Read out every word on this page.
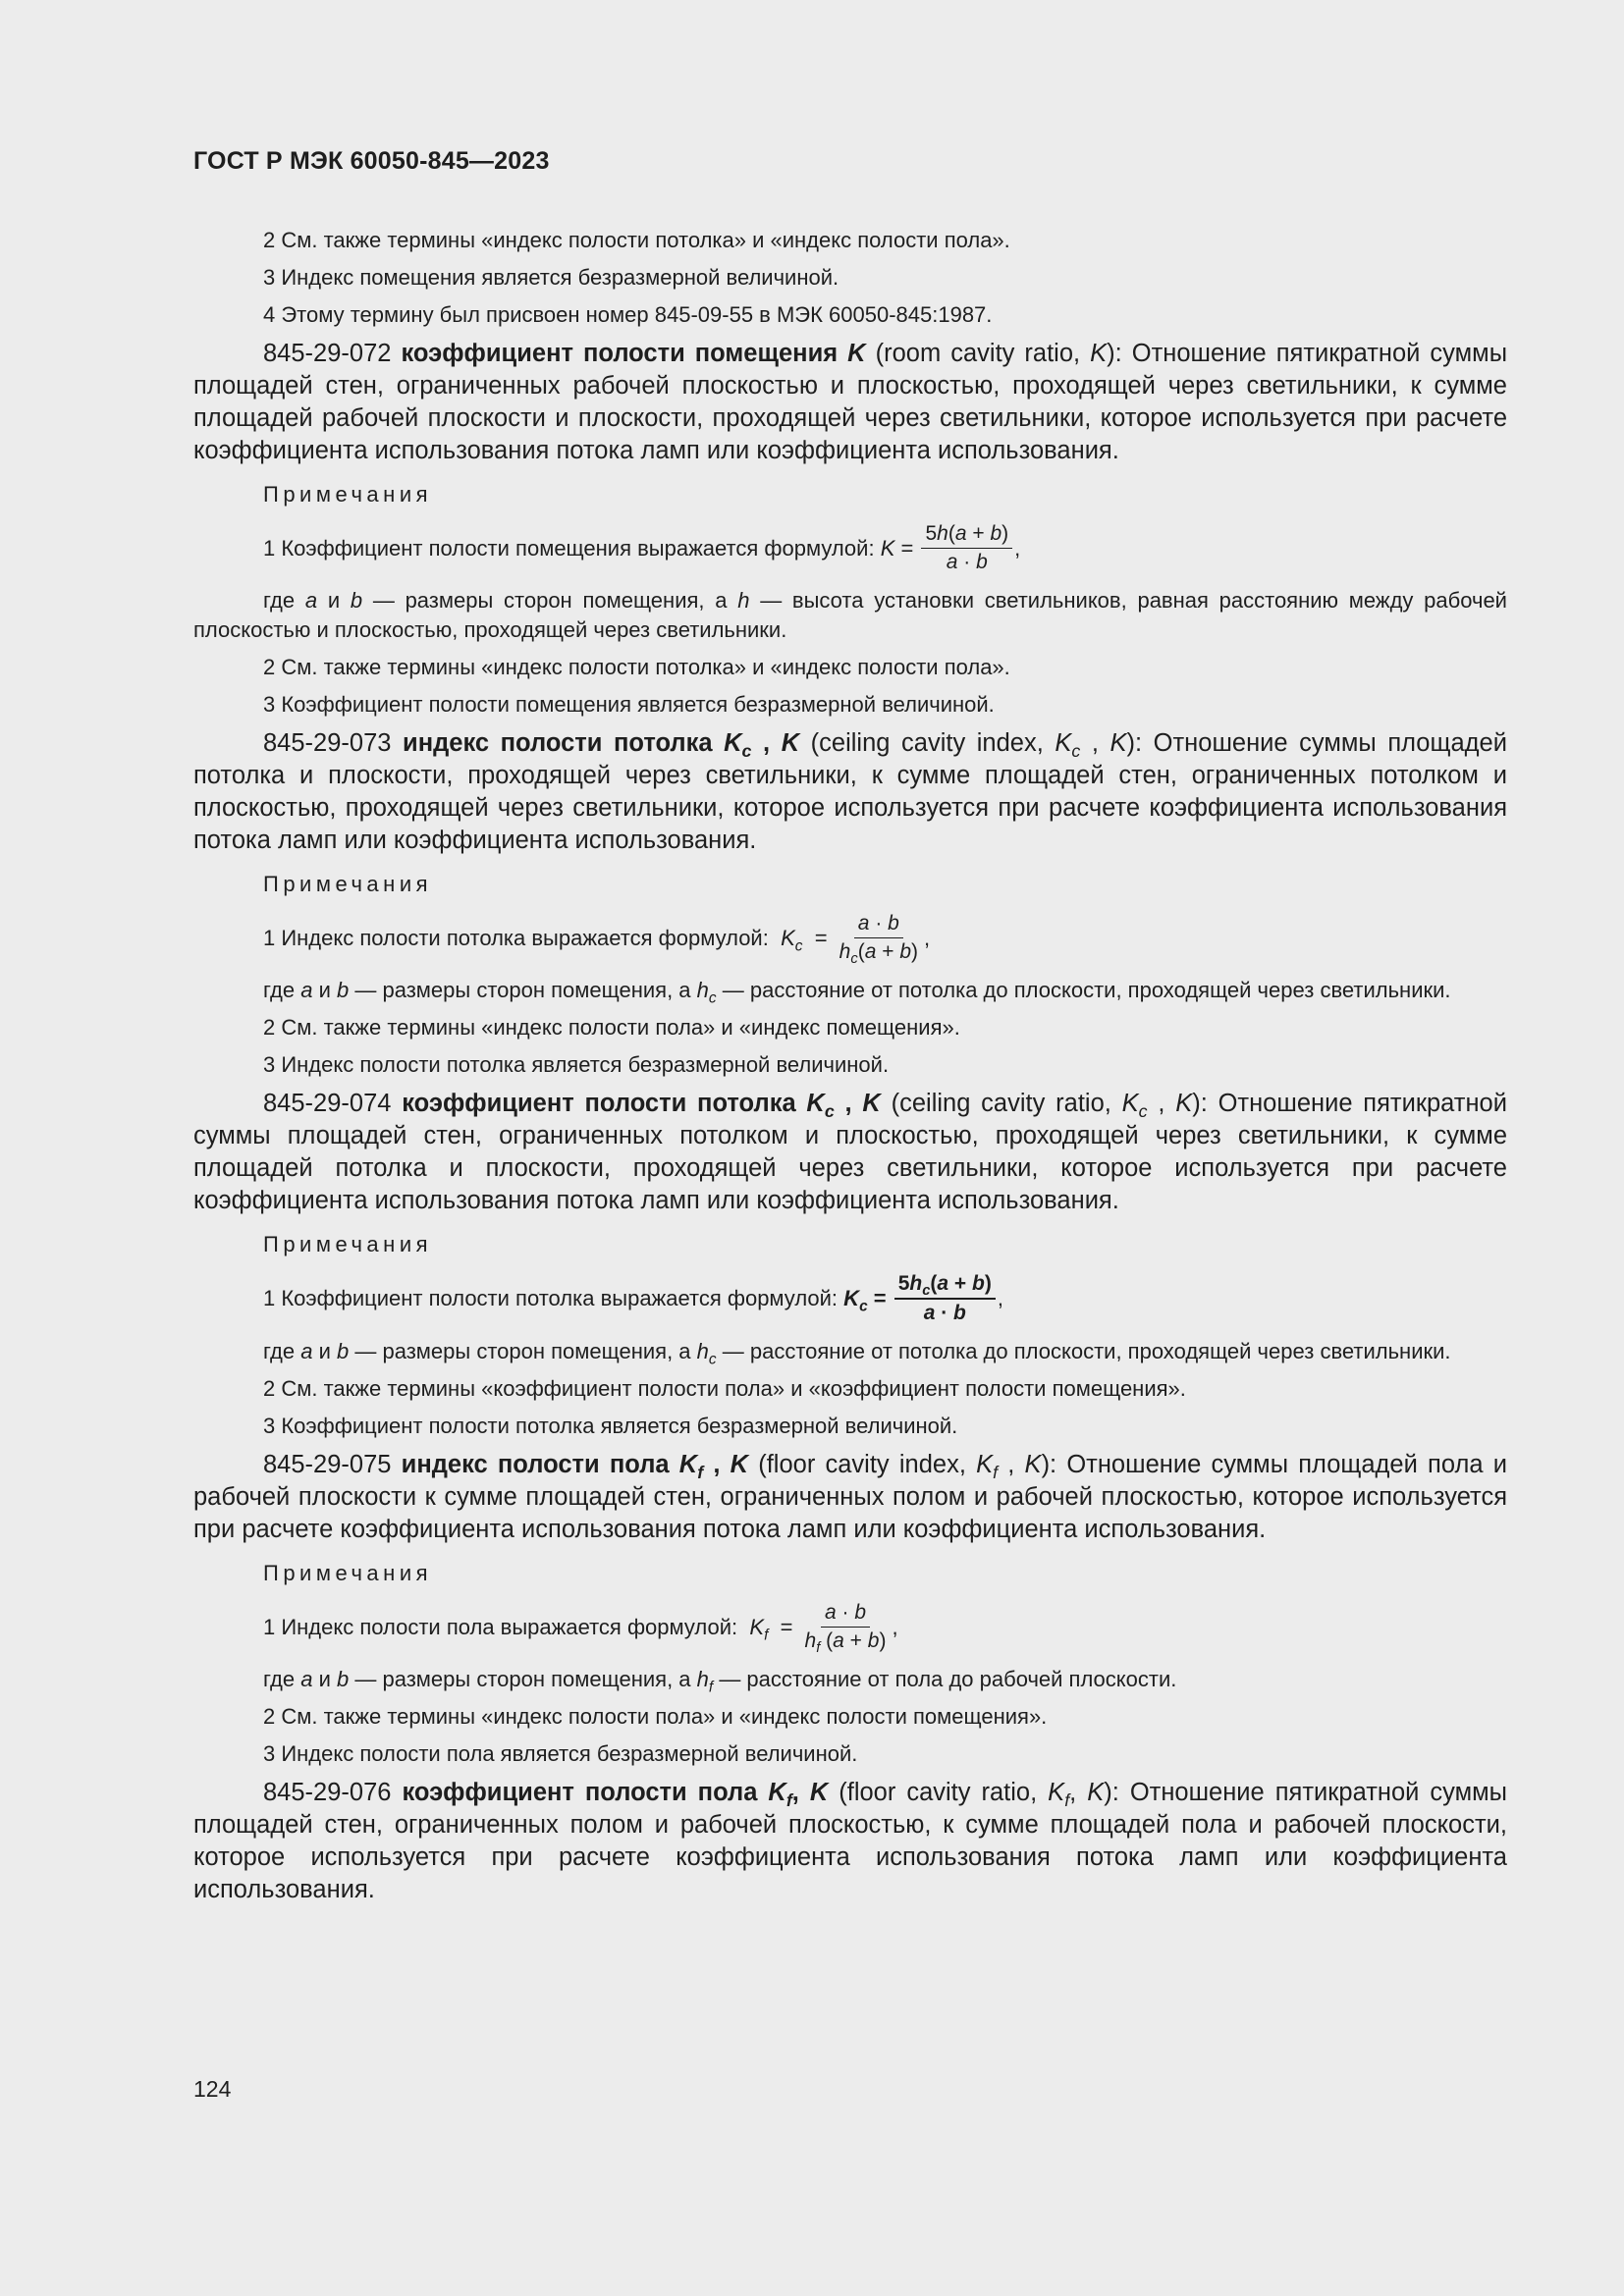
ГОСТ Р МЭК 60050-845—2023

2 См. также термины «индекс полости потолка» и «индекс полости пола».

3 Индекс помещения является безразмерной величиной.

4 Этому термину был присвоен номер 845-09-55 в МЭК 60050-845:1987.

845-29-072 коэффициент полости помещения K (room cavity ratio, K): Отношение пятикратной суммы площадей стен, ограниченных рабочей плоскостью и плоскостью, проходящей через светильники, к сумме площадей рабочей плоскости и плоскости, проходящей через светильники, которое используется при расчете коэффициента использования потока ламп или коэффициента использования.

Примечания
1 Коэффициент полости помещения выражается формулой:
$K = \frac{5h(a + b)}{a \cdot b}$ ,

где a и b — размеры сторон помещения, а h — высота установки светильников, равная расстоянию между рабочей плоскостью и плоскостью, проходящей через светильники.

2 См. также термины «индекс полости потолка» и «индекс полости пола».

3 Коэффициент полости помещения является безразмерной величиной.

845-29-073 индекс полости потолка $K_c$ , K (ceiling cavity index, $K_c$ , K): Отношение суммы площадей потолка и плоскости, проходящей через светильники, к сумме площадей стен, ограниченных потолком и плоскостью, проходящей через светильники, которое используется при расчете коэффициента использования потока ламп или коэффициента использования.

Примечания
1 Индекс полости потолка выражается формулой:
$K_c = \frac{a \cdot b}{h_c(a + b)}$ ,

где a и b — размеры сторон помещения, а $h_c$ — расстояние от потолка до плоскости, проходящей через светильники.

2 См. также термины «индекс полости пола» и «индекс помещения».

3 Индекс полости потолка является безразмерной величиной.

845-29-074 коэффициент полости потолка $K_c$ , K (ceiling cavity ratio, $K_c$ , K): Отношение пятикратной суммы площадей стен, ограниченных потолком и плоскостью, проходящей через светильники, к сумме площадей потолка и плоскости, проходящей через светильники, которое используется при расчете коэффициента использования потока ламп или коэффициента использования.

Примечания
1 Коэффициент полости потолка выражается формулой:
$K_c$ =
$\frac{5h_c(a + b)}{a \cdot b}$ ,

где a и b — размеры сторон помещения, а $h_c$ — расстояние от потолка до плоскости, проходящей через светильники.

2 См. также термины «коэффициент полости пола» и «коэффициент полости помещения».

3 Коэффициент полости потолка является безразмерной величиной.

845-29-075 индекс полости пола $K_f$ , K (floor cavity index, $K_f$ , K): Отношение суммы площадей пола и рабочей плоскости к сумме площадей стен, ограниченных полом и рабочей плоскостью, которое используется при расчете коэффициента использования потока ламп или коэффициента использования.

Примечания
1 Индекс полости пола выражается формулой:
$K_f = \frac{a \cdot b}{h_f (a + b)}$ ,

где a и b — размеры сторон помещения, а $h_f$ — расстояние от пола до рабочей плоскости.

2 См. также термины «индекс полости пола» и «индекс полости помещения».

3 Индекс полости пола является безразмерной величиной.

845-29-076 коэффициент полости пола $K_f$, K (floor cavity ratio, $K_f$, K): Отношение пятикратной суммы площадей стен, ограниченных полом и рабочей плоскостью, к сумме площадей пола и рабочей плоскости, которое используется при расчете коэффициента использования потока ламп или коэффициента использования.

124
